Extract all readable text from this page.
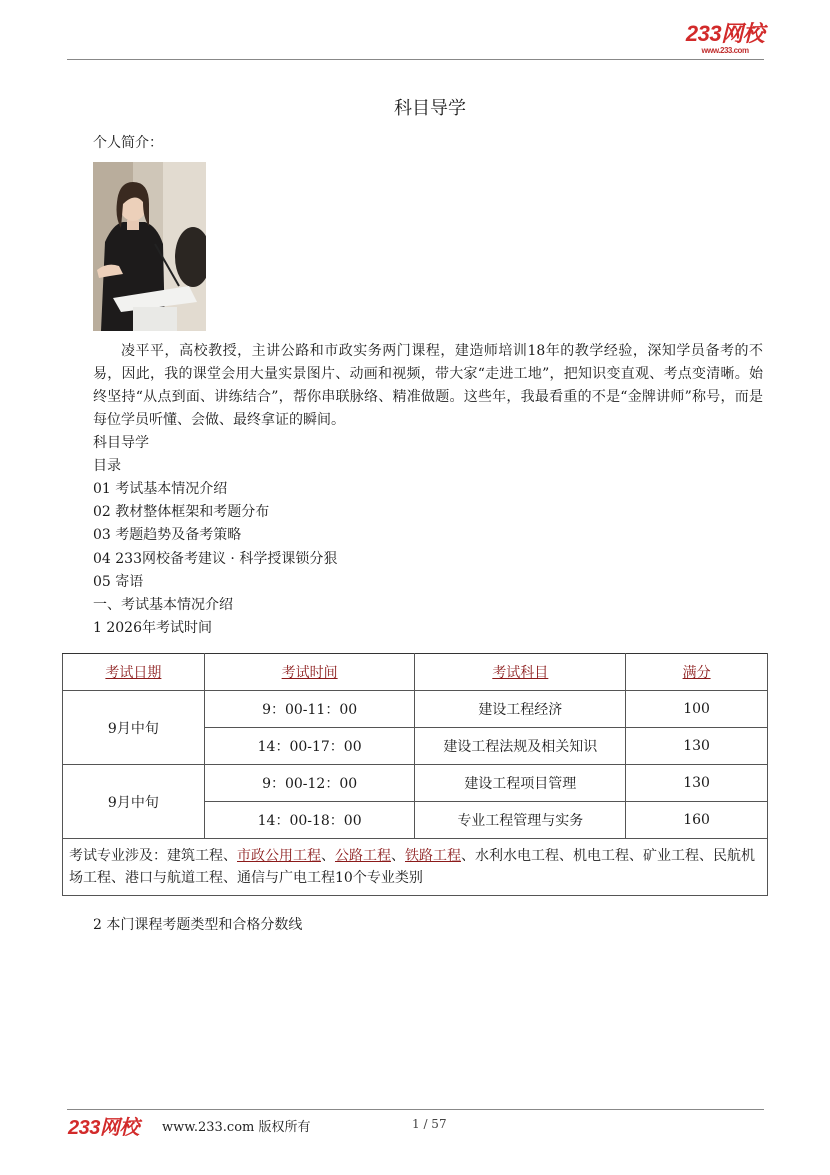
233网校
www.233.com
科目导学
个人简介：
凌平平，高校教授，主讲公路和市政实务两门课程，建造师培训18年的教学经验，深知学员备考的不易，因此，我的课堂会用大量实景图片、动画和视频，带大家“走进工地”，把知识变直观、考点变清晰。始终坚持“从点到面、讲练结合”，帮你串联脉络、精准做题。这些年，我最看重的不是“金牌讲师”称号，而是每位学员听懂、会做、最终拿证的瞬间。
科目导学
目录
01 考试基本情况介绍
02 教材整体框架和考题分布
03 考题趋势及备考策略
04 233网校备考建议 · 科学授课锁分狠
05 寄语
一、考试基本情况介绍
1 2026年考试时间
考试日期	考试时间	考试科目	满分
9月中旬	9：00-11：00	建设工程经济	100
	14：00-17：00	建设工程法规及相关知识	130
9月中旬	9：00-12：00	建设工程项目管理	130
	14：00-18：00	专业工程管理与实务	160
考试专业涉及：建筑工程、市政公用工程、公路工程、铁路工程、水利水电工程、机电工程、矿业工程、民航机场工程、港口与航道工程、通信与广电工程10个专业类别			
2 本门课程考题类型和合格分数线
233网校 www.233.com 版权所有	1 / 57
